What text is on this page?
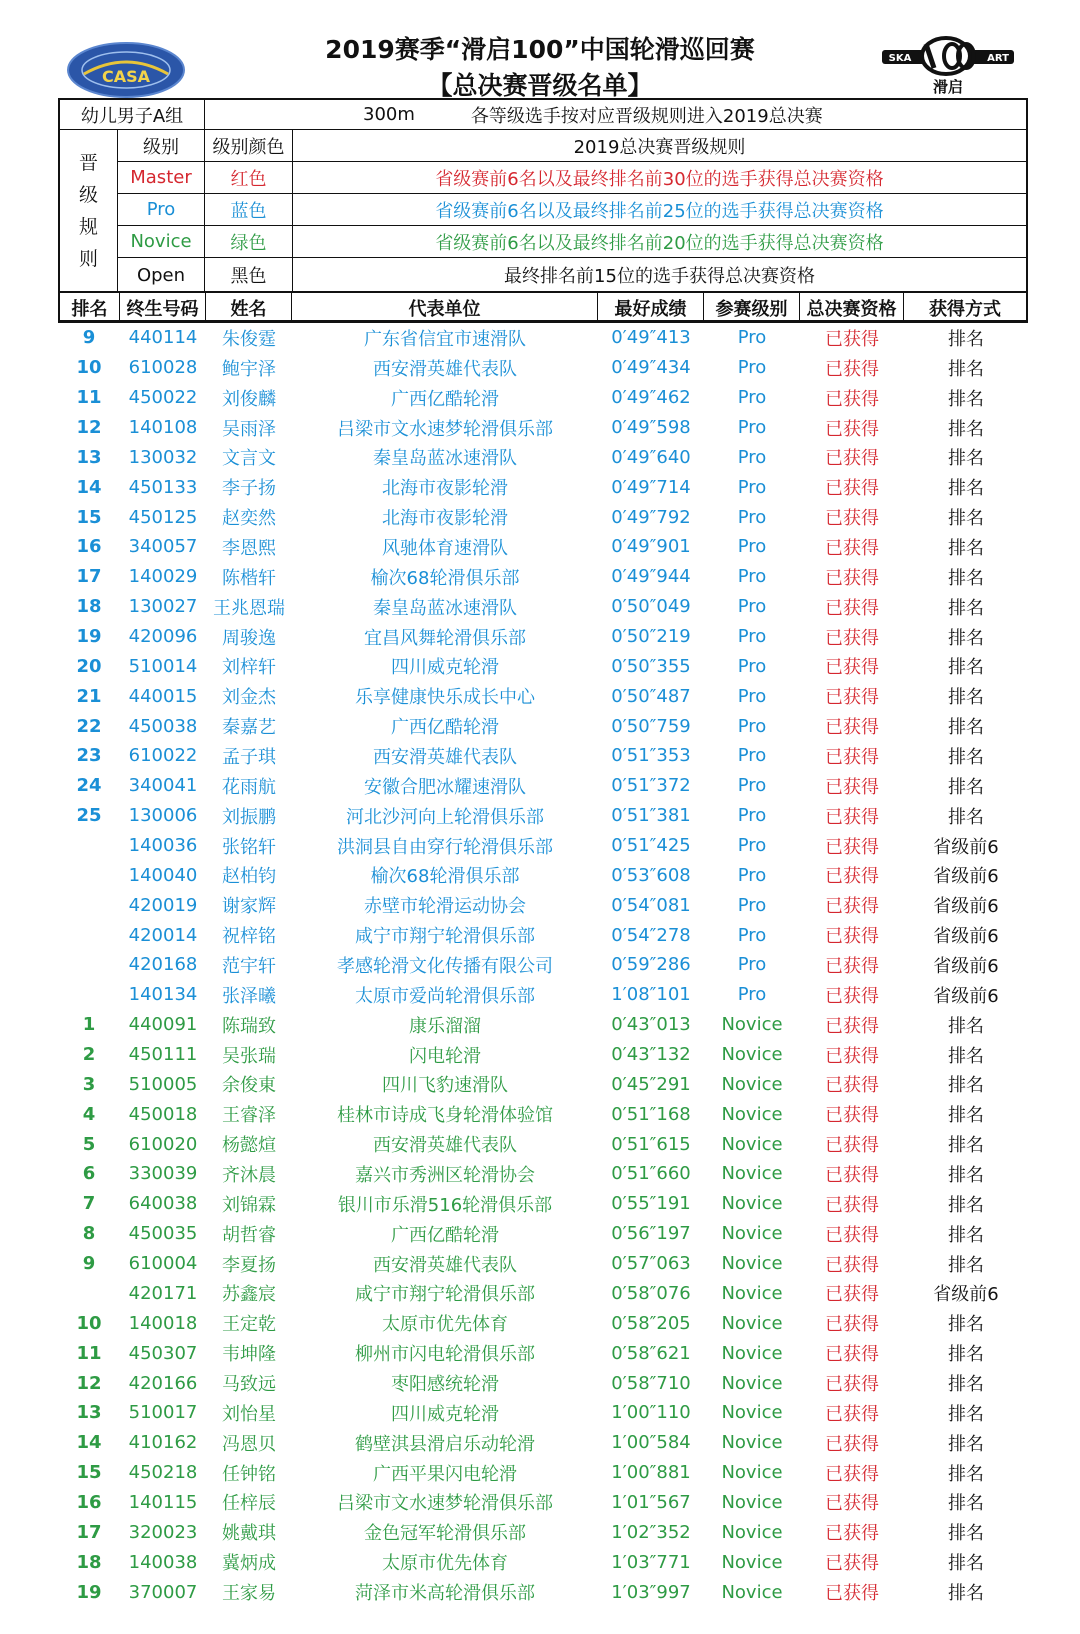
CASA
2019赛季“滑启100”中国轮滑巡回赛
【总决赛晋级名单】
SKA	ART
滑启
幼儿男子A组	300m	各等级选手按对应晋级规则进入2019总决赛
晋
级
规
则
级别	级别颜色	2019总决赛晋级规则
Master	红色	省级赛前6名以及最终排名前30位的选手获得总决赛资格
Pro	蓝色	省级赛前6名以及最终排名前25位的选手获得总决赛资格
Novice	绿色	省级赛前6名以及最终排名前20位的选手获得总决赛资格
Open	黑色	最终排名前15位的选手获得总决赛资格
排名	终生号码	姓名	代表单位	最好成绩	参赛级别	总决赛资格	获得方式
9	440114	朱俊霆	广东省信宜市速滑队	0′49″413	Pro	已获得	排名
10	610028	鲍宇泽	西安滑英雄代表队	0′49″434	Pro	已获得	排名
11	450022	刘俊麟	广西亿酷轮滑	0′49″462	Pro	已获得	排名
12	140108	吴雨泽	吕梁市文水速梦轮滑俱乐部	0′49″598	Pro	已获得	排名
13	130032	文言文	秦皇岛蓝冰速滑队	0′49″640	Pro	已获得	排名
14	450133	李子扬	北海市夜影轮滑	0′49″714	Pro	已获得	排名
15	450125	赵奕然	北海市夜影轮滑	0′49″792	Pro	已获得	排名
16	340057	李恩熙	风驰体育速滑队	0′49″901	Pro	已获得	排名
17	140029	陈楷轩	榆次68轮滑俱乐部	0′49″944	Pro	已获得	排名
18	130027 王兆恩瑞	秦皇岛蓝冰速滑队	0′50″049	Pro	已获得	排名
19	420096	周骏逸	宜昌风舞轮滑俱乐部	0′50″219	Pro	已获得	排名
20	510014	刘梓轩	四川威克轮滑	0′50″355	Pro	已获得	排名
21	440015	刘金杰	乐享健康快乐成长中心	0′50″487	Pro	已获得	排名
22	450038	秦嘉艺	广西亿酷轮滑	0′50″759	Pro	已获得	排名
23	610022	孟子琪	西安滑英雄代表队	0′51″353	Pro	已获得	排名
24	340041	花雨航	安徽合肥冰耀速滑队	0′51″372	Pro	已获得	排名
25	130006	刘振鹏	河北沙河向上轮滑俱乐部	0′51″381	Pro	已获得	排名
140036	张铭轩	洪洞县自由穿行轮滑俱乐部	0′51″425	Pro	已获得	省级前6
140040	赵柏钧	榆次68轮滑俱乐部	0′53″608	Pro	已获得	省级前6
420019	谢家辉	赤壁市轮滑运动协会	0′54″081	Pro	已获得	省级前6
420014	祝梓铭	咸宁市翔宁轮滑俱乐部	0′54″278	Pro	已获得	省级前6
420168	范宇轩	孝感轮滑文化传播有限公司	0′59″286	Pro	已获得	省级前6
140134	张泽曦	太原市爱尚轮滑俱乐部	1′08″101	Pro	已获得	省级前6
1	440091	陈瑞致	康乐溜溜	0′43″013	Novice	已获得	排名
2	450111	吴张瑞	闪电轮滑	0′43″132	Novice	已获得	排名
3	510005	余俊東	四川飞豹速滑队	0′45″291	Novice	已获得	排名
4	450018	王睿泽	桂林市诗成飞身轮滑体验馆	0′51″168	Novice	已获得	排名
5	610020	杨懿煊	西安滑英雄代表队	0′51″615	Novice	已获得	排名
6	330039	齐沐晨	嘉兴市秀洲区轮滑协会	0′51″660	Novice	已获得	排名
7	640038	刘锦霖	银川市乐滑516轮滑俱乐部	0′55″191	Novice	已获得	排名
8	450035	胡哲睿	广西亿酷轮滑	0′56″197	Novice	已获得	排名
9	610004	李夏扬	西安滑英雄代表队	0′57″063	Novice	已获得	排名
420171	苏鑫宸	咸宁市翔宁轮滑俱乐部	0′58″076	Novice	已获得	省级前6
10	140018	王定乾	太原市优先体育	0′58″205	Novice	已获得	排名
11	450307	韦坤隆	柳州市闪电轮滑俱乐部	0′58″621	Novice	已获得	排名
12	420166	马致远	枣阳感统轮滑	0′58″710	Novice	已获得	排名
13	510017	刘怡星	四川威克轮滑	1′00″110	Novice	已获得	排名
14	410162	冯恩贝	鹤壁淇县滑启乐动轮滑	1′00″584	Novice	已获得	排名
15	450218	任钟铭	广西平果闪电轮滑	1′00″881	Novice	已获得	排名
16	140115	任梓辰	吕梁市文水速梦轮滑俱乐部	1′01″567	Novice	已获得	排名
17	320023	姚戴琪	金色冠军轮滑俱乐部	1′02″352	Novice	已获得	排名
18	140038	冀炳成	太原市优先体育	1′03″771	Novice	已获得	排名
19	370007	王家易	菏泽市米高轮滑俱乐部	1′03″997	Novice	已获得	排名
